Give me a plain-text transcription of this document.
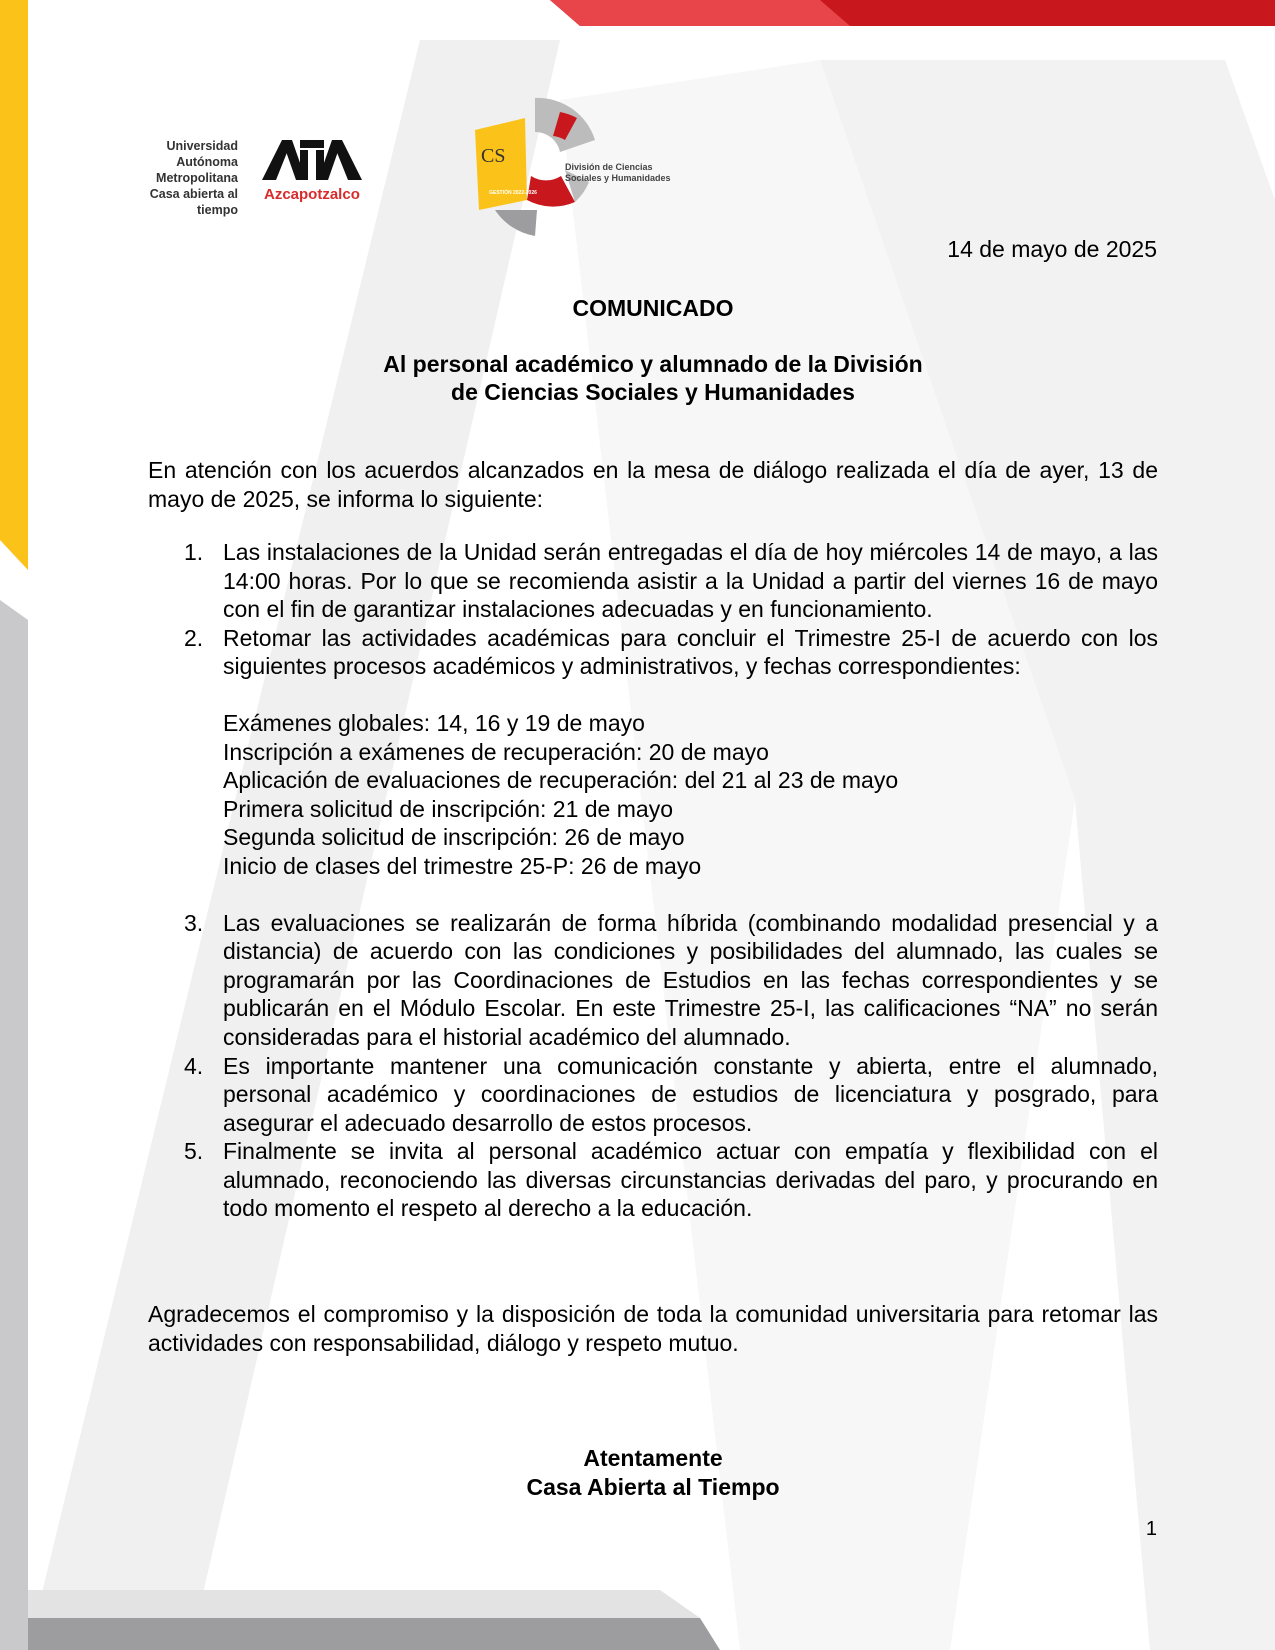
Universidad
Autónoma
Metropolitana
Casa abierta al tiempo
Azcapotzalco
CS	División de Ciencias
Sociales y Humanidades
GESTIÓN 2022-2026
14 de mayo de 2025
COMUNICADO
Al personal académico y alumnado de la División
de Ciencias Sociales y Humanidades
En atención con los acuerdos alcanzados en la mesa de diálogo realizada el día de ayer, 13 de mayo de 2025, se informa lo siguiente:
1. Las instalaciones de la Unidad serán entregadas el día de hoy miércoles 14 de mayo, a las 14:00 horas. Por lo que se recomienda asistir a la Unidad a partir del viernes 16 de mayo con el fin de garantizar instalaciones adecuadas y en funcionamiento.
2. Retomar las actividades académicas para concluir el Trimestre 25-I de acuerdo con los siguientes procesos académicos y administrativos, y fechas correspondientes:
Exámenes globales: 14, 16 y 19 de mayo
Inscripción a exámenes de recuperación: 20 de mayo
Aplicación de evaluaciones de recuperación: del 21 al 23 de mayo
Primera solicitud de inscripción: 21 de mayo
Segunda solicitud de inscripción: 26 de mayo
Inicio de clases del trimestre 25-P: 26 de mayo
3. Las evaluaciones se realizarán de forma híbrida (combinando modalidad presencial y a distancia) de acuerdo con las condiciones y posibilidades del alumnado, las cuales se programarán por las Coordinaciones de Estudios en las fechas correspondientes y se publicarán en el Módulo Escolar. En este Trimestre 25-I, las calificaciones “NA” no serán consideradas para el historial académico del alumnado.
4. Es importante mantener una comunicación constante y abierta, entre el alumnado, personal académico y coordinaciones de estudios de licenciatura y posgrado, para asegurar el adecuado desarrollo de estos procesos.
5. Finalmente se invita al personal académico actuar con empatía y flexibilidad con el alumnado, reconociendo las diversas circunstancias derivadas del paro, y procurando en todo momento el respeto al derecho a la educación.
Agradecemos el compromiso y la disposición de toda la comunidad universitaria para retomar las actividades con responsabilidad, diálogo y respeto mutuo.
Atentamente
Casa Abierta al Tiempo
1
